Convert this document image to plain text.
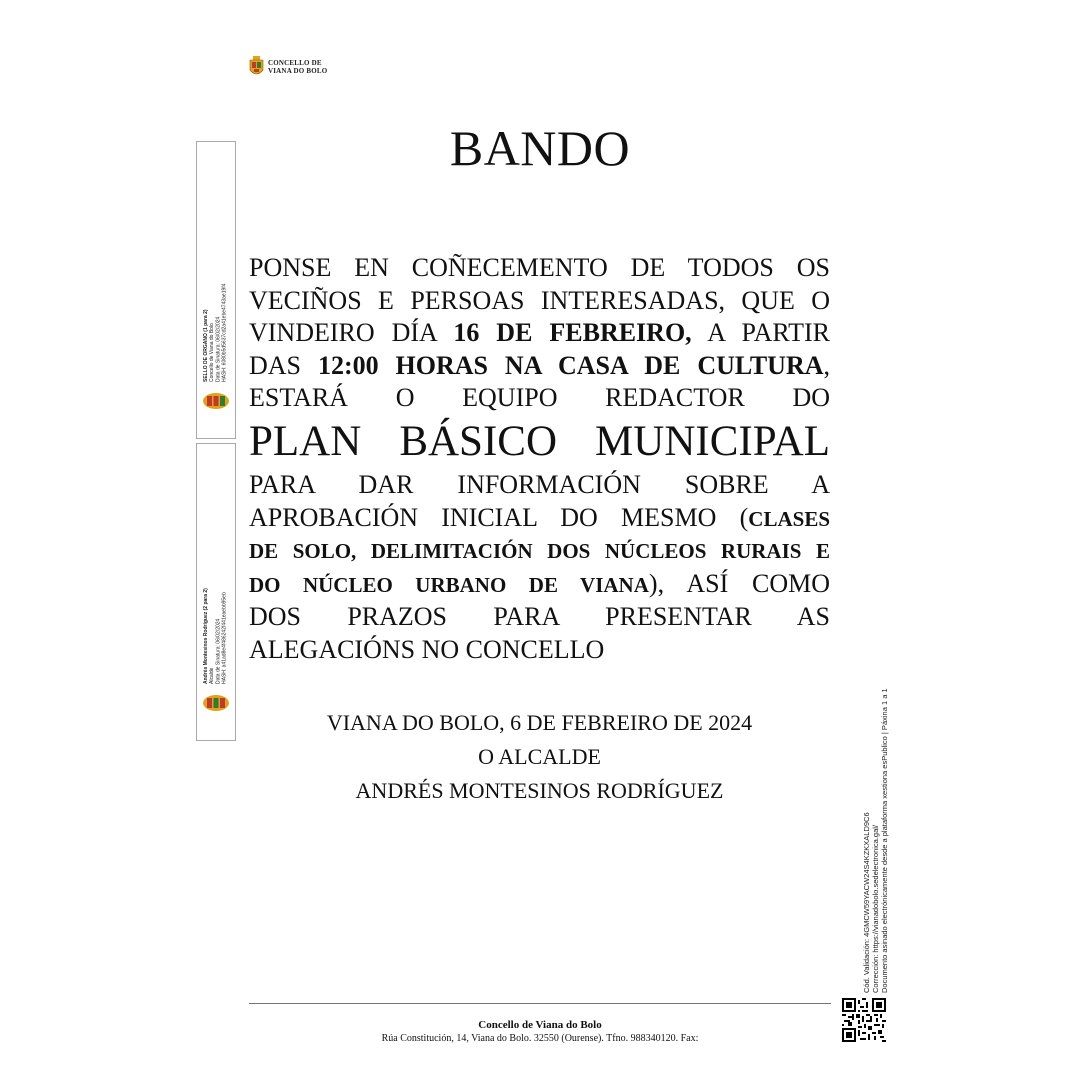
CONCELLO DE
VIANA DO BOLO
BANDO
PONSE EN COÑECEMENTO DE TODOS OS
VECIÑOS E PERSOAS INTERESADAS, QUE O
VINDEIRO DÍA 16 DE FEBREIRO, A PARTIR
DAS 12:00 HORAS NA CASA DE CULTURA,
ESTARÁ O EQUIPO REDACTOR DO
PLAN BÁSICO MUNICIPAL
PARA DAR INFORMACIÓN SOBRE A
APROBACIÓN INICIAL DO MESMO (CLASES
DE SOLO, DELIMITACIÓN DOS NÚCLEOS RURAIS E
DO NÚCLEO URBANO DE VIANA), ASÍ COMO
DOS PRAZOS PARA PRESENTAR AS
ALEGACIÓNS NO CONCELLO
VIANA DO BOLO, 6 DE FEBREIRO DE 2024
O ALCALDE
ANDRÉS MONTESINOS RODRÍGUEZ
SELLO DE ÓRGANO (1 para 2) Concello de Viana do Bolo Data de Sinatura: 06/02/2024 HASH: 6080b5d5637cd2a41ebe4743ae19f4
Andrés Montesinos Rodríguez (2 para 2) Alcalde Data de Sinatura: 06/02/2024 HASH: a41ad8e4f486242f441eaebb95eb
Cód. Validación: 4GMCW59YACW24S4KZKXALD9C6 Corrección: https://vianadobolo.sedelectronica.gal/ Documento asinado electrónicamente desde a plataforma xestiona esPublico | Páxina 1 a 1
Concello de Viana do Bolo
Rúa Constitución, 14, Viana do Bolo. 32550 (Ourense). Tfno. 988340120. Fax:
